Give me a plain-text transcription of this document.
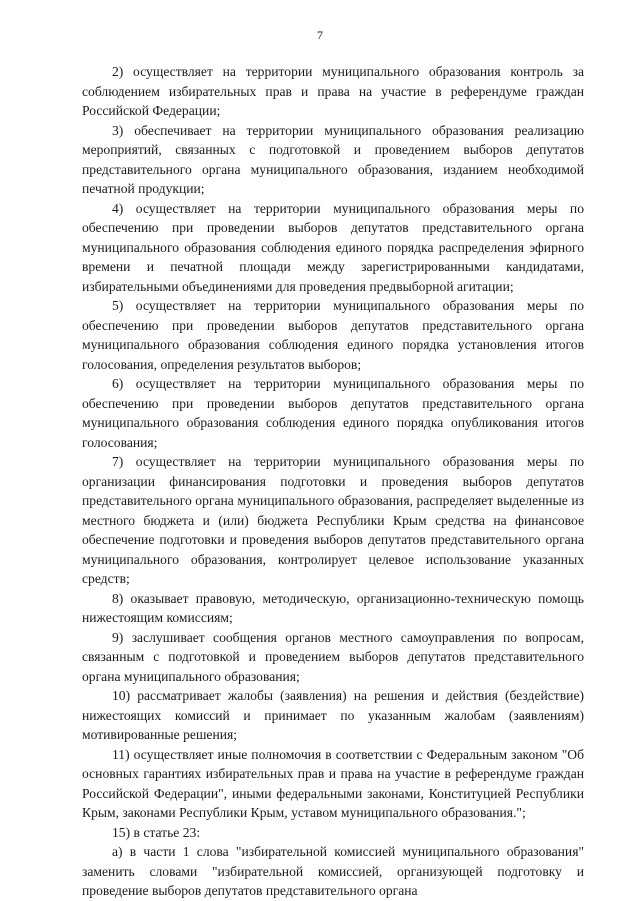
7

2) осуществляет на территории муниципального образования контроль за соблюдением избирательных прав и права на участие в референдуме граждан Российской Федерации;

3) обеспечивает на территории муниципального образования реализацию мероприятий, связанных с подготовкой и проведением выборов депутатов представительного органа муниципального образования, изданием необходимой печатной продукции;

4) осуществляет на территории муниципального образования меры по обеспечению при проведении выборов депутатов представительного органа муниципального образования соблюдения единого порядка распределения эфирного времени и печатной площади между зарегистрированными кандидатами, избирательными объединениями для проведения предвыборной агитации;

5) осуществляет на территории муниципального образования меры по обеспечению при проведении выборов депутатов представительного органа муниципального образования соблюдения единого порядка установления итогов голосования, определения результатов выборов;

6) осуществляет на территории муниципального образования меры по обеспечению при проведении выборов депутатов представительного органа муниципального образования соблюдения единого порядка опубликования итогов голосования;

7) осуществляет на территории муниципального образования меры по организации финансирования подготовки и проведения выборов депутатов представительного органа муниципального образования, распределяет выделенные из местного бюджета и (или) бюджета Республики Крым средства на финансовое обеспечение подготовки и проведения выборов депутатов представительного органа муниципального образования, контролирует целевое использование указанных средств;

8) оказывает правовую, методическую, организационно-техническую помощь нижестоящим комиссиям;

9) заслушивает сообщения органов местного самоуправления по вопросам, связанным с подготовкой и проведением выборов депутатов представительного органа муниципального образования;

10) рассматривает жалобы (заявления) на решения и действия (бездействие) нижестоящих комиссий и принимает по указанным жалобам (заявлениям) мотивированные решения;

11) осуществляет иные полномочия в соответствии с Федеральным законом "Об основных гарантиях избирательных прав и права на участие в референдуме граждан Российской Федерации", иными федеральными законами, Конституцией Республики Крым, законами Республики Крым, уставом муниципального образования.";

15) в статье 23:

а) в части 1 слова "избирательной комиссией муниципального образования" заменить словами "избирательной комиссией, организующей подготовку и проведение выборов депутатов представительного органа
